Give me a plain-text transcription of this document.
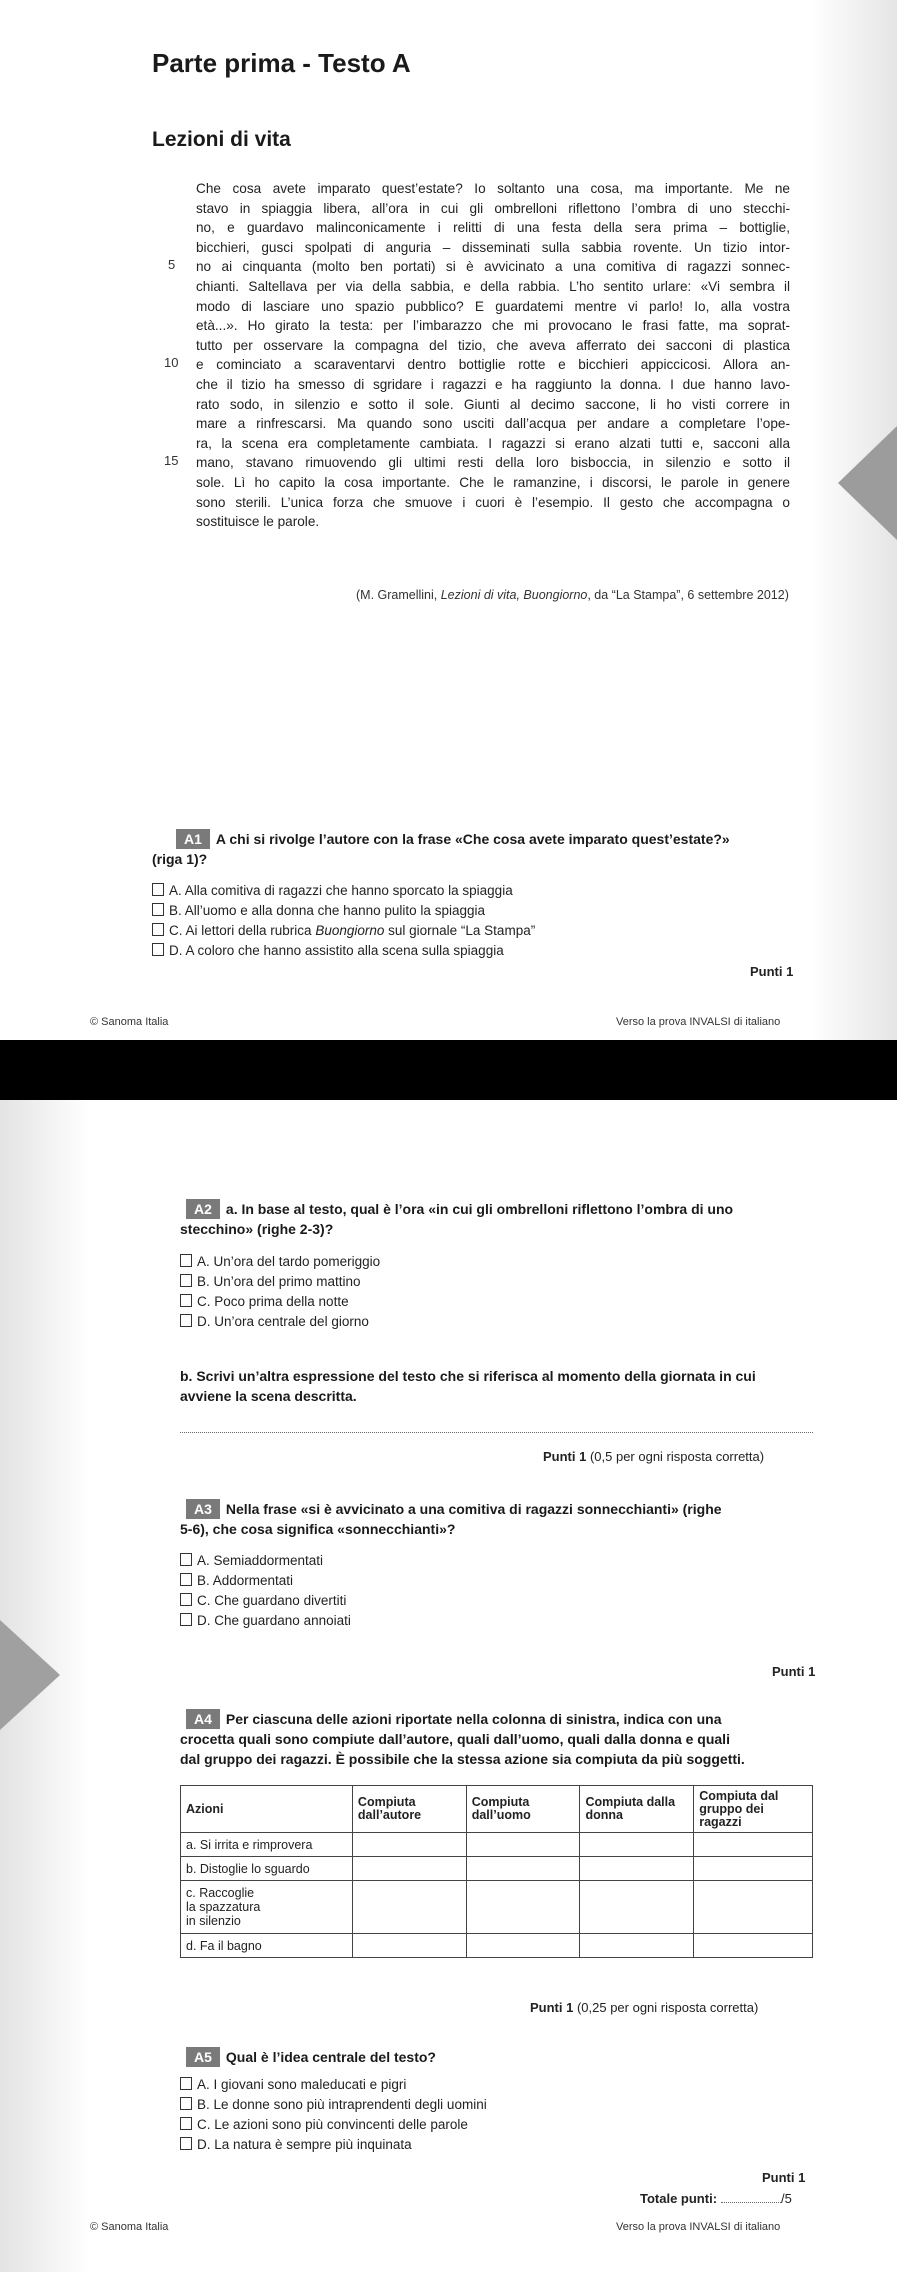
Parte prima - Testo A
Lezioni di vita
Che cosa avete imparato quest’estate? Io soltanto una cosa, ma importante. Me ne
stavo in spiaggia libera, all’ora in cui gli ombrelloni riflettono l’ombra di uno stecchi-
no, e guardavo malinconicamente i relitti di una festa della sera prima – bottiglie,
bicchieri, gusci spolpati di anguria – disseminati sulla sabbia rovente. Un tizio intor-
no ai cinquanta (molto ben portati) si è avvicinato a una comitiva di ragazzi sonnec-
chianti. Saltellava per via della sabbia, e della rabbia. L’ho sentito urlare: «Vi sembra il
modo di lasciare uno spazio pubblico? E guardatemi mentre vi parlo! Io, alla vostra
età...». Ho girato la testa: per l’imbarazzo che mi provocano le frasi fatte, ma soprat-
tutto per osservare la compagna del tizio, che aveva afferrato dei sacconi di plastica
e cominciato a scaraventarvi dentro bottiglie rotte e bicchieri appiccicosi. Allora an-
che il tizio ha smesso di sgridare i ragazzi e ha raggiunto la donna. I due hanno lavo-
rato sodo, in silenzio e sotto il sole. Giunti al decimo saccone, li ho visti correre in
mare a rinfrescarsi. Ma quando sono usciti dall’acqua per andare a completare l’ope-
ra, la scena era completamente cambiata. I ragazzi si erano alzati tutti e, sacconi alla
mano, stavano rimuovendo gli ultimi resti della loro bisboccia, in silenzio e sotto il
sole. Lì ho capito la cosa importante. Che le ramanzine, i discorsi, le parole in genere
sono sterili. L’unica forza che smuove i cuori è l’esempio. Il gesto che accompagna o
sostituisce le parole.
5
10
15
(M. Gramellini, Lezioni di vita, Buongiorno, da “La Stampa”, 6 settembre 2012)
A1 A chi si rivolge l’autore con la frase «Che cosa avete imparato quest’estate?»
(riga 1)?
A. Alla comitiva di ragazzi che hanno sporcato la spiaggia
B. All’uomo e alla donna che hanno pulito la spiaggia
C. Ai lettori della rubrica Buongiorno sul giornale “La Stampa”
D. A coloro che hanno assistito alla scena sulla spiaggia
Punti 1
© Sanoma Italia	Verso la prova INVALSI di italiano
A2 a. In base al testo, qual è l’ora «in cui gli ombrelloni riflettono l’ombra di uno
stecchino» (righe 2-3)?
A. Un’ora del tardo pomeriggio
B. Un’ora del primo mattino
C. Poco prima della notte
D. Un’ora centrale del giorno
b. Scrivi un’altra espressione del testo che si riferisca al momento della giornata in cui
avviene la scena descritta.
Punti 1 (0,5 per ogni risposta corretta)
A3 Nella frase «si è avvicinato a una comitiva di ragazzi sonnecchianti» (righe
5-6), che cosa significa «sonnecchianti»?
A. Semiaddormentati
B. Addormentati
C. Che guardano divertiti
D. Che guardano annoiati
Punti 1
A4 Per ciascuna delle azioni riportate nella colonna di sinistra, indica con una
crocetta quali sono compiute dall’autore, quali dall’uomo, quali dalla donna e quali
dal gruppo dei ragazzi. È possibile che la stessa azione sia compiuta da più soggetti.
Azioni	Compiuta dall’autore	Compiuta dall’uomo	Compiuta dalla donna	Compiuta dal gruppo dei ragazzi
a. Si irrita e rimprovera				
b. Distoglie lo sguardo				
c. Raccoglie la spazzatura in silenzio				
d. Fa il bagno				
Punti 1 (0,25 per ogni risposta corretta)
A5 Qual è l’idea centrale del testo?
A. I giovani sono maleducati e pigri
B. Le donne sono più intraprendenti degli uomini
C. Le azioni sono più convincenti delle parole
D. La natura è sempre più inquinata
Punti 1
Totale punti:	/5
© Sanoma Italia	Verso la prova INVALSI di italiano
